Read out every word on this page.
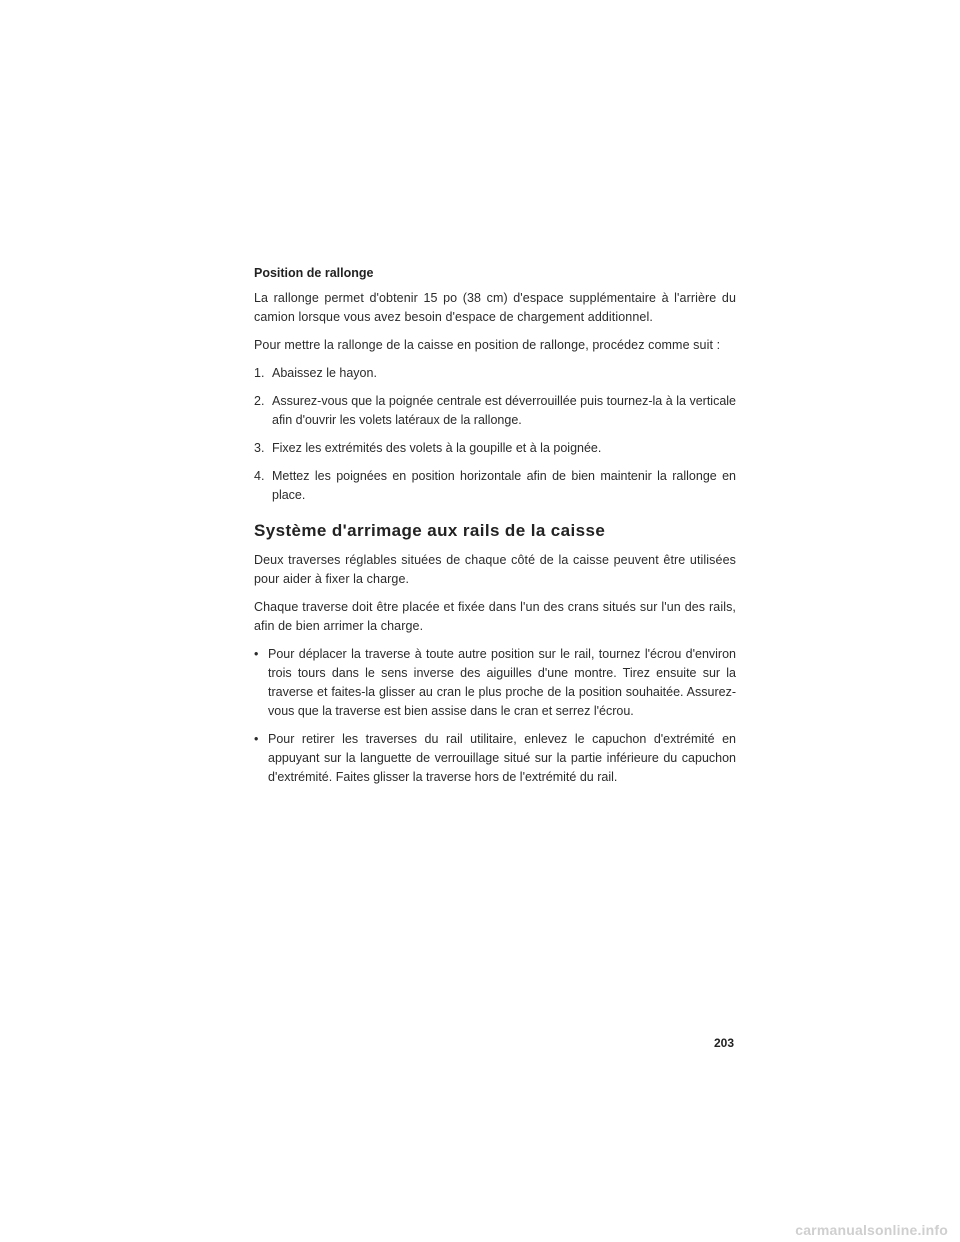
Position de rallonge

La rallonge permet d'obtenir 15 po (38 cm) d'espace supplémentaire à l'arrière du camion lorsque vous avez besoin d'espace de chargement additionnel.

Pour mettre la rallonge de la caisse en position de rallonge, procédez comme suit :

1. Abaissez le hayon.
2. Assurez-vous que la poignée centrale est déverrouillée puis tournez-la à la verticale afin d'ouvrir les volets latéraux de la rallonge.
3. Fixez les extrémités des volets à la goupille et à la poignée.
4. Mettez les poignées en position horizontale afin de bien maintenir la rallonge en place.
Système d'arrimage aux rails de la caisse

Deux traverses réglables situées de chaque côté de la caisse peuvent être utilisées pour aider à fixer la charge.

Chaque traverse doit être placée et fixée dans l'un des crans situés sur l'un des rails, afin de bien arrimer la charge.

• Pour déplacer la traverse à toute autre position sur le rail, tournez l'écrou d'environ trois tours dans le sens inverse des aiguilles d'une montre. Tirez ensuite sur la traverse et faites-la glisser au cran le plus proche de la position souhaitée. Assurez-vous que la traverse est bien assise dans le cran et serrez l'écrou.
• Pour retirer les traverses du rail utilitaire, enlevez le capuchon d'extrémité en appuyant sur la languette de verrouillage situé sur la partie inférieure du capuchon d'extrémité. Faites glisser la traverse hors de l'extrémité du rail.
203
carmanualsonline.info
